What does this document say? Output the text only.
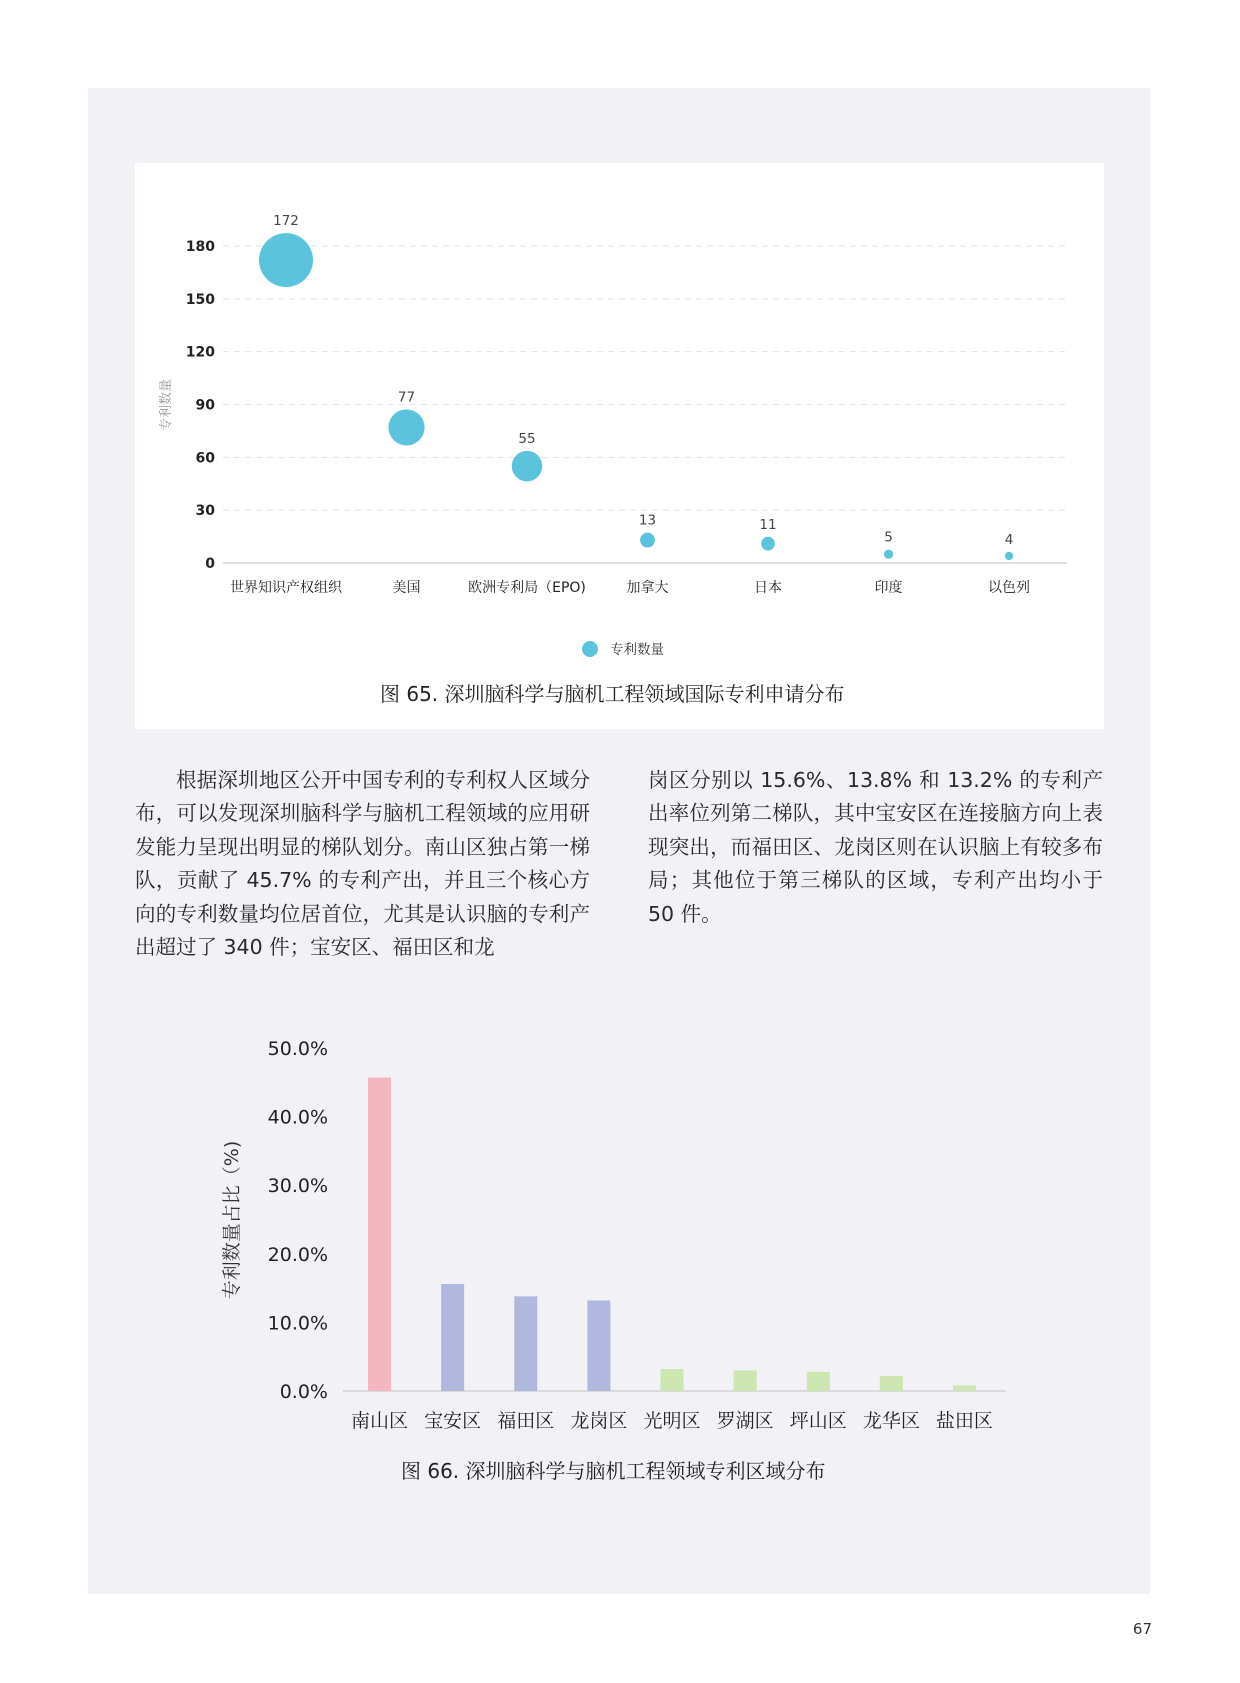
0
30
60
90
120
150
180
专利数量
172
世界知识产权组织
77
美国
55
欧洲专利局（EPO)
13
加拿大
11
日本
5
印度
4
以色列
专利数量
图 65. 深圳脑科学与脑机工程领域国际专利申请分布

根据深圳地区公开中国专利的专利权人区域分布，可以发现深圳脑科学与脑机工程领域的应用研发能力呈现出明显的梯队划分。南山区独占第一梯队，贡献了 45.7% 的专利产出，并且三个核心方向的专利数量均位居首位，尤其是认识脑的专利产出超过了 340 件；宝安区、福田区和龙

岗区分别以 15.6%、13.8% 和 13.2% 的专利产出率位列第二梯队，其中宝安区在连接脑方向上表现突出，而福田区、龙岗区则在认识脑上有较多布局；其他位于第三梯队的区域，专利产出均小于 50 件。

0.0%
10.0%
20.0%
30.0%
40.0%
50.0%
专利数量占比（%)
南山区 宝安区 福田区 龙岗区 光明区 罗湖区 坪山区 龙华区 盐田区
图 66. 深圳脑科学与脑机工程领域专利区域分布
67
